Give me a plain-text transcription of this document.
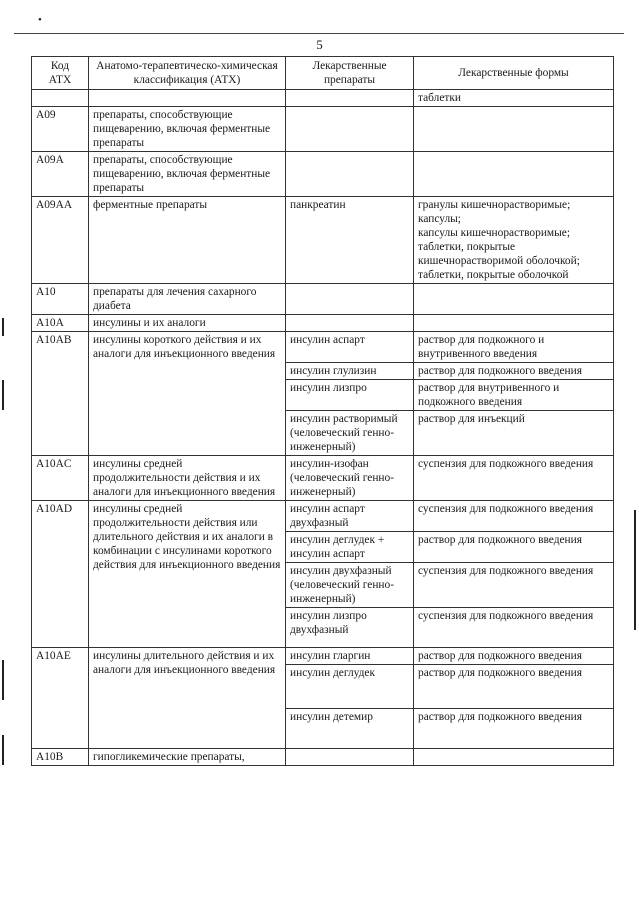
•
5
Код
АТХ	Анатомо-терапевтическо-химическая классификация (АТХ)	Лекарственные препараты	Лекарственные формы
			таблетки
A09	препараты, способствующие пищеварению, включая ферментные препараты		
A09A	препараты, способствующие пищеварению, включая ферментные препараты		
A09AA	ферментные препараты	панкреатин	гранулы кишечнорастворимые;
капсулы;
капсулы кишечнорастворимые;
таблетки, покрытые кишечнорастворимой оболочкой;
таблетки, покрытые оболочкой
A10	препараты для лечения сахарного диабета		
A10A	инсулины и их аналоги		
A10AB	инсулины короткого действия и их аналоги для инъекционного введения	инсулин аспарт	раствор для подкожного и внутривенного введения
		инсулин глулизин	раствор для подкожного введения
		инсулин лизпро	раствор для внутривенного и подкожного введения
		инсулин растворимый (человеческий генно-инженерный)	раствор для инъекций
A10AC	инсулины средней продолжительности действия и их аналоги для инъекционного введения	инсулин-изофан (человеческий генно-инженерный)	суспензия для подкожного введения
A10AD	инсулины средней продолжительности действия или длительного действия и их аналоги в комбинации с инсулинами короткого действия для инъекционного введения	инсулин аспарт двухфазный	суспензия для подкожного введения
		инсулин деглудек + инсулин аспарт	раствор для подкожного введения
		инсулин двухфазный (человеческий генно-инженерный)	суспензия для подкожного введения
		инсулин лизпро двухфазный	суспензия для подкожного введения
A10AE	инсулины длительного действия и их аналоги для инъекционного введения	инсулин гларгин	раствор для подкожного введения
		инсулин деглудек	раствор для подкожного введения
		инсулин детемир	раствор для подкожного введения
A10B	гипогликемические препараты,		
